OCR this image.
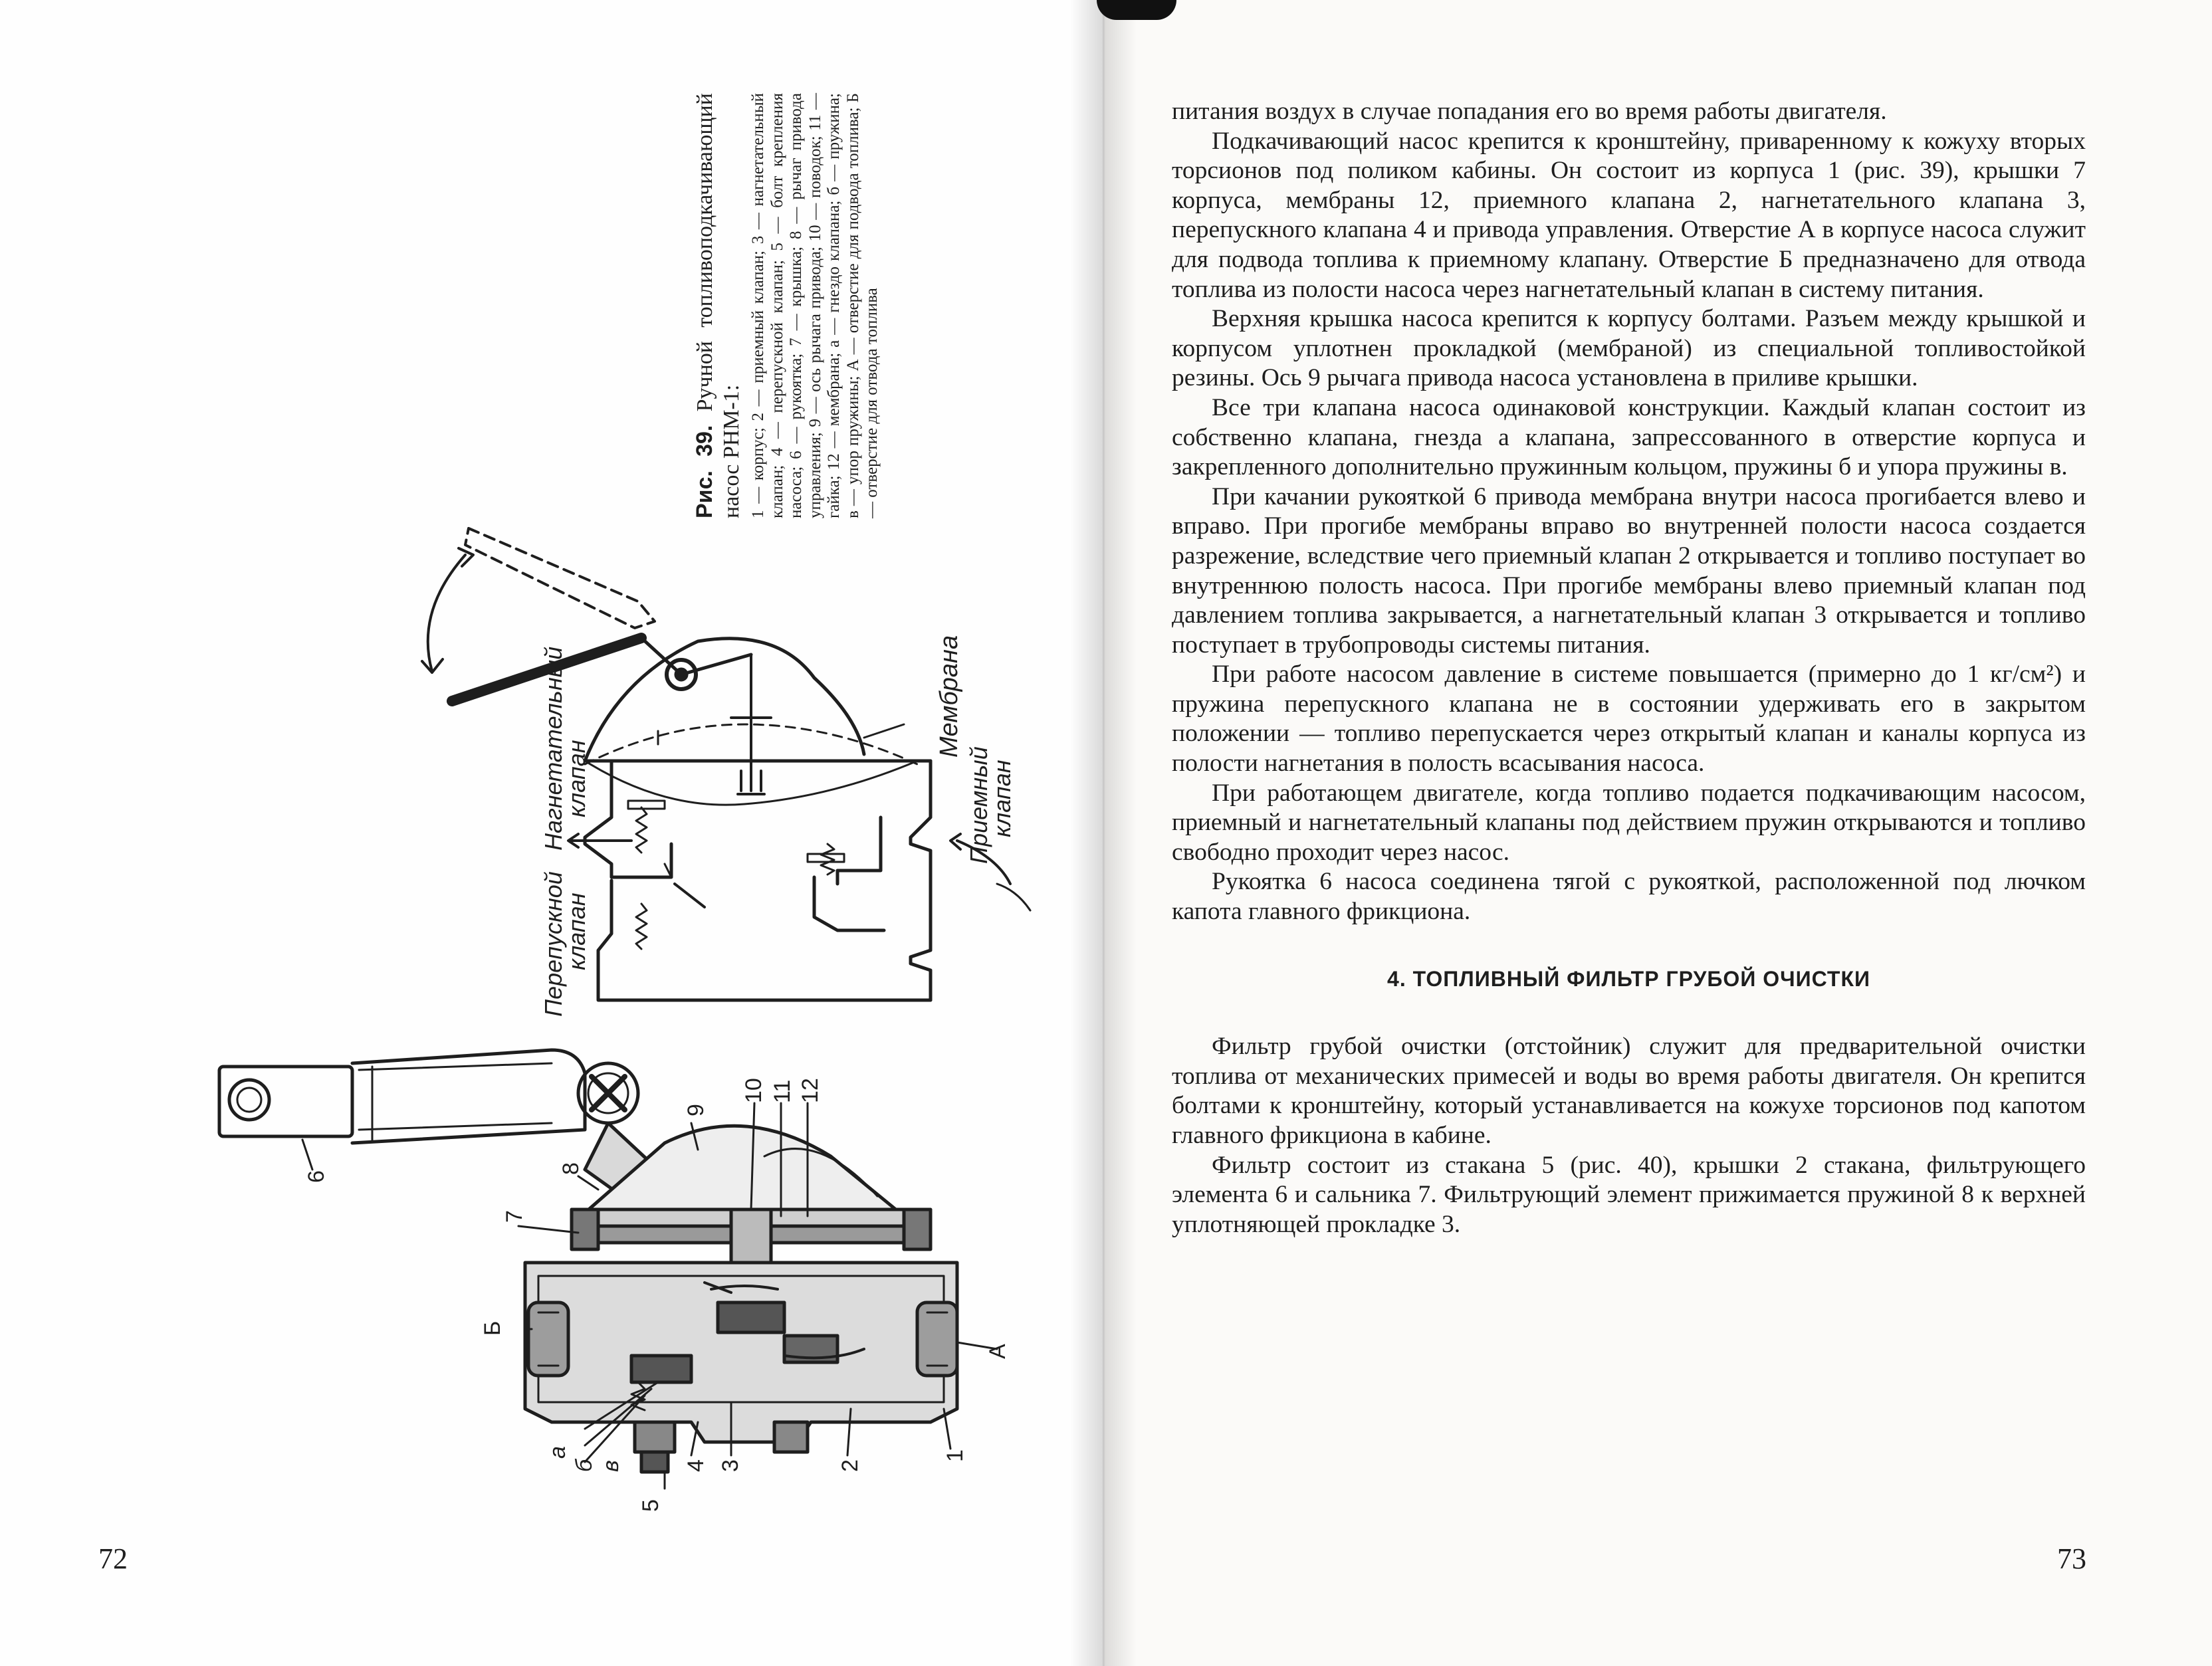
Рис. 39. Ручной топливоподкачивающий насос РНМ-1: 1 — корпус; 2 — приемный клапан; 3 — нагнетательный клапан; 4 — перепускной клапан; 5 — болт крепления насоса; 6 — рукоятка; 7 — крышка; 8 — рычаг привода управления; 9 — ось рычага привода; 10 — поводок; 11 — гайка; 12 — мембрана; а — гнездо клапана; б — пружина; в — упор пружины; А — отверстие для подвода топлива; Б — отверстие для отвода топлива
Мембрана
Нагнетательный
клапан
Перепускной
клапан
Приемный
клапан
6
8
9
10 11 12
7
Б
А
1
2
3
4
5
а
б в
72

питания воздух в случае попадания его во время работы двигателя.

Подкачивающий насос крепится к кронштейну, приваренному к кожуху вторых торсионов под поликом кабины. Он состоит из корпуса 1 (рис. 39), крышки 7 корпуса, мембраны 12, приемного клапана 2, нагнетательного клапана 3, перепускного клапана 4 и привода управления. Отверстие А в корпусе насоса служит для подвода топлива к приемному клапану. Отверстие Б предназначено для отвода топлива из полости насоса через нагнетательный клапан в систему питания.

Верхняя крышка насоса крепится к корпусу болтами. Разъем между крышкой и корпусом уплотнен прокладкой (мембраной) из специальной топливостойкой резины. Ось 9 рычага привода насоса установлена в приливе крышки.

Все три клапана насоса одинаковой конструкции. Каждый клапан состоит из собственно клапана, гнезда а клапана, запрессованного в отверстие корпуса и закрепленного дополнительно пружинным кольцом, пружины б и упора пружины в.

При качании рукояткой 6 привода мембрана внутри насоса прогибается влево и вправо. При прогибе мембраны вправо во внутренней полости насоса создается разрежение, вследствие чего приемный клапан 2 открывается и топливо поступает во внутреннюю полость насоса. При прогибе мембраны влево приемный клапан под давлением топлива закрывается, а нагнетательный клапан 3 открывается и топливо поступает в трубопроводы системы питания.

При работе насосом давление в системе повышается (примерно до 1 кг/см²) и пружина перепускного клапана не в состоянии удерживать его в закрытом положении — топливо перепускается через открытый клапан и каналы корпуса из полости нагнетания в полость всасывания насоса.

При работающем двигателе, когда топливо подается подкачивающим насосом, приемный и нагнетательный клапаны под действием пружин открываются и топливо свободно проходит через насос.

Рукоятка 6 насоса соединена тягой с рукояткой, расположенной под лючком капота главного фрикциона.

4. ТОПЛИВНЫЙ ФИЛЬТР ГРУБОЙ ОЧИСТКИ

Фильтр грубой очистки (отстойник) служит для предварительной очистки топлива от механических примесей и воды во время работы двигателя. Он крепится болтами к кронштейну, который устанавливается на кожухе торсионов под капотом главного фрикциона в кабине.

Фильтр состоит из стакана 5 (рис. 40), крышки 2 стакана, фильтрующего элемента 6 и сальника 7. Фильтрующий элемент прижимается пружиной 8 к верхней уплотняющей прокладке 3.

73
